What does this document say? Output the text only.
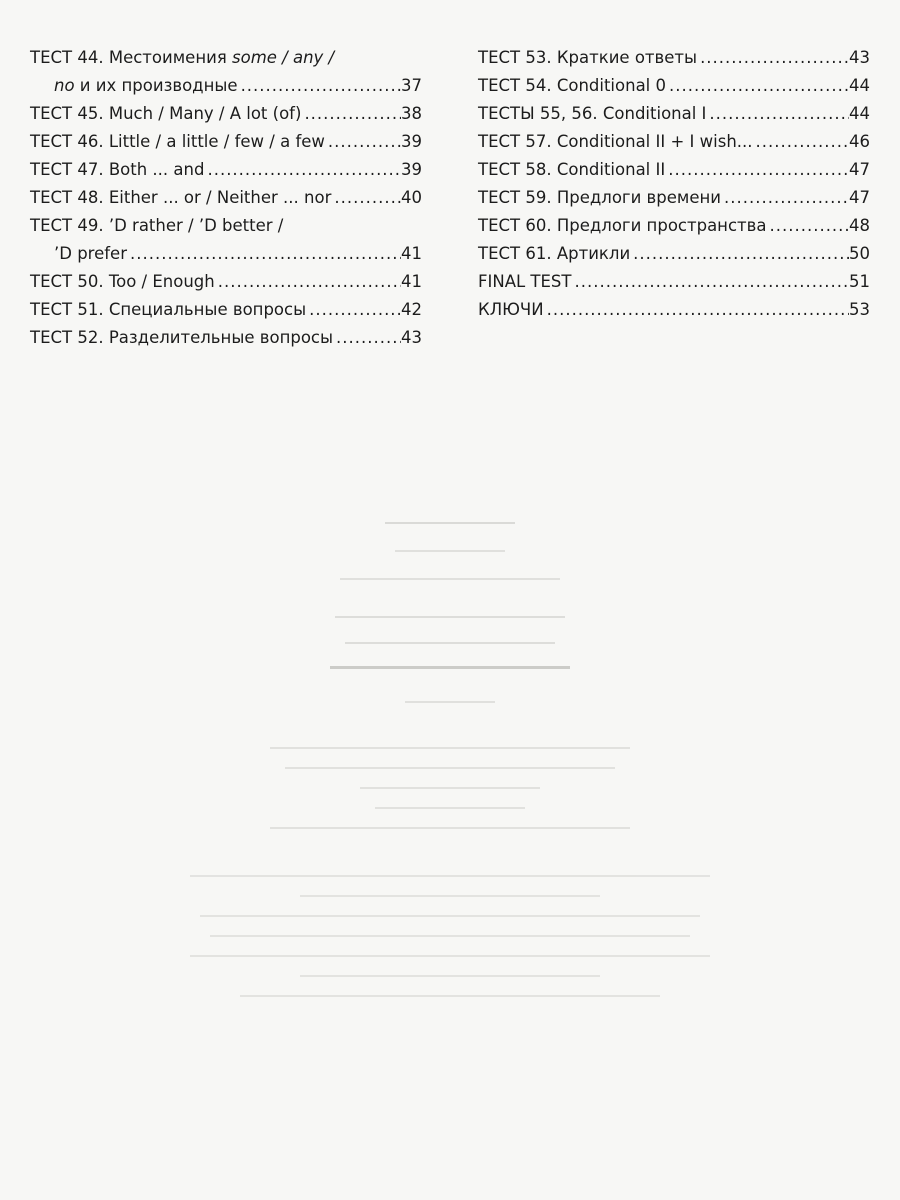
ТЕСТ 44. Местоимения some / any /
no и их производные .....	37
ТЕСТ 45. Much / Many / A lot (of) .....	38
ТЕСТ 46. Little / a little / few / a few .....	39
ТЕСТ 47. Both ... and .....	39
ТЕСТ 48. Either ... or / Neither ... nor .....	40
ТЕСТ 49. ’D rather / ’D better /
’D prefer .....	41
ТЕСТ 50. Too / Enough .....	41
ТЕСТ 51. Специальные вопросы .....	42
ТЕСТ 52. Разделительные вопросы .....	43
ТЕСТ 53. Краткие ответы .....	43
ТЕСТ 54. Conditional 0 .....	44
ТЕСТЫ 55, 56. Conditional I .....	44
ТЕСТ 57. Conditional II + I wish... .....	46
ТЕСТ 58. Conditional II .....	47
ТЕСТ 59. Предлоги времени .....	47
ТЕСТ 60. Предлоги пространства .....	48
ТЕСТ 61. Артикли .....	50
FINAL TEST .....	51
КЛЮЧИ .....	53
